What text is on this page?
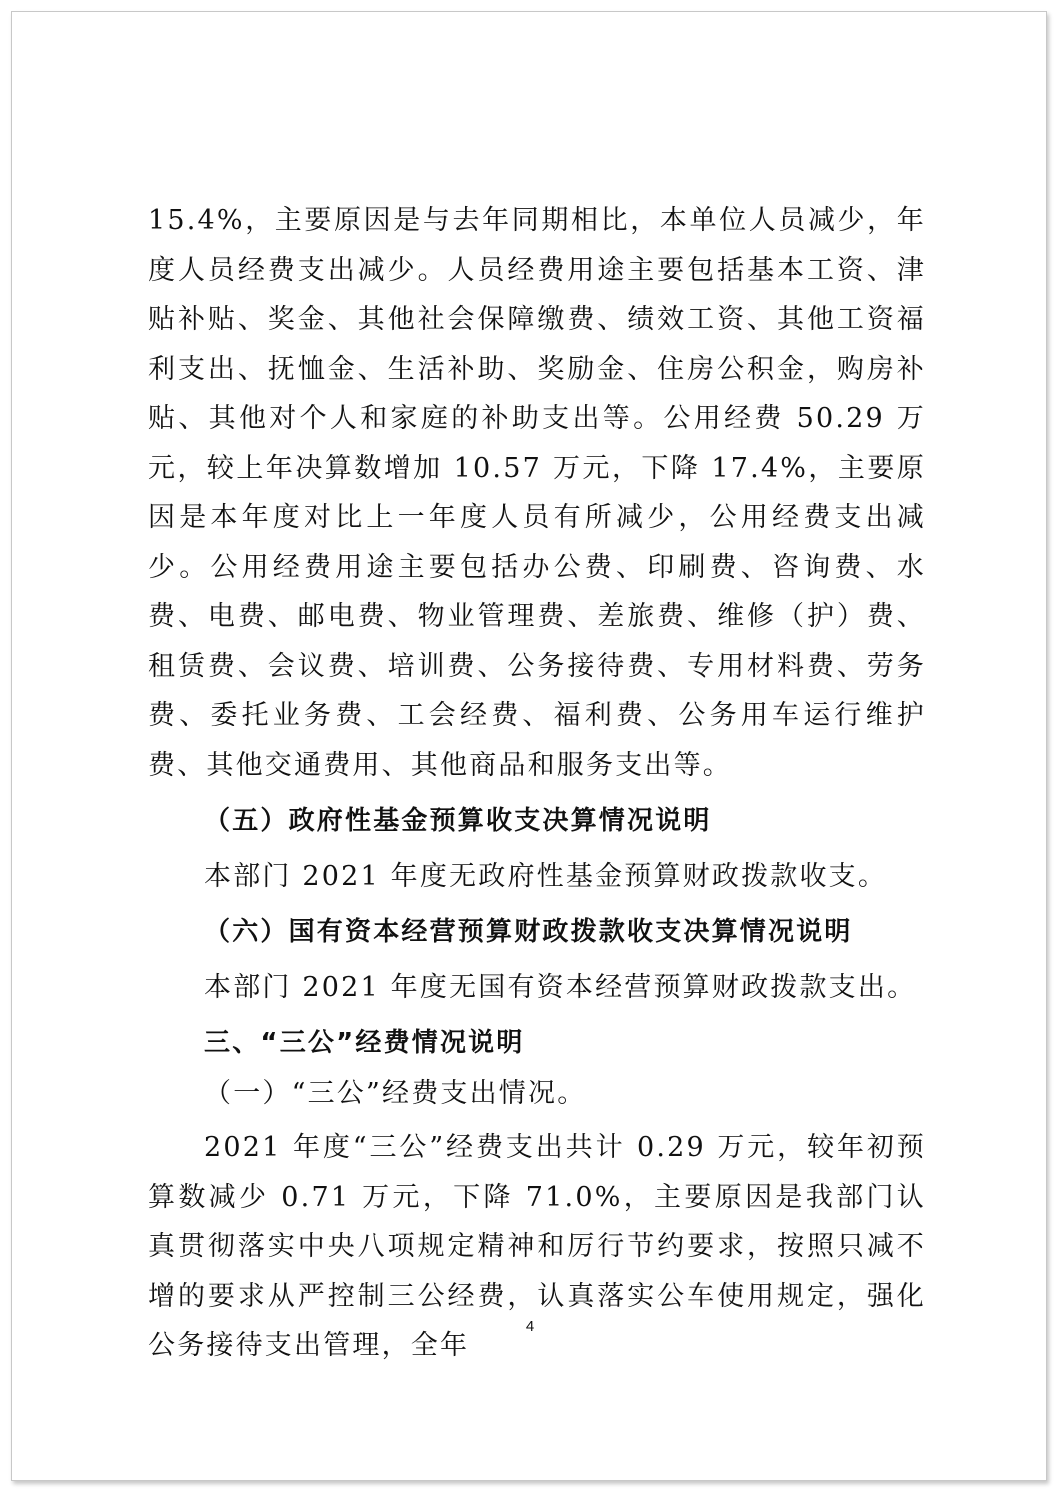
15.4%，主要原因是与去年同期相比，本单位人员减少，年度人员经费支出减少。人员经费用途主要包括基本工资、津贴补贴、奖金、其他社会保障缴费、绩效工资、其他工资福利支出、抚恤金、生活补助、奖励金、住房公积金，购房补贴、其他对个人和家庭的补助支出等。公用经费 50.29 万元，较上年决算数增加 10.57 万元，下降 17.4%，主要原因是本年度对比上一年度人员有所减少，公用经费支出减少。公用经费用途主要包括办公费、印刷费、咨询费、水费、电费、邮电费、物业管理费、差旅费、维修（护）费、租赁费、会议费、培训费、公务接待费、专用材料费、劳务费、委托业务费、工会经费、福利费、公务用车运行维护费、其他交通费用、其他商品和服务支出等。

（五）政府性基金预算收支决算情况说明

本部门 2021 年度无政府性基金预算财政拨款收支。

（六）国有资本经营预算财政拨款收支决算情况说明

本部门 2021 年度无国有资本经营预算财政拨款支出。

三、“三公”经费情况说明

（一）“三公”经费支出情况。

2021 年度“三公”经费支出共计 0.29 万元，较年初预算数减少 0.71 万元，下降 71.0%，主要原因是我部门认真贯彻落实中央八项规定精神和厉行节约要求，按照只减不增的要求从严控制三公经费，认真落实公车使用规定，强化公务接待支出管理，全年

4
